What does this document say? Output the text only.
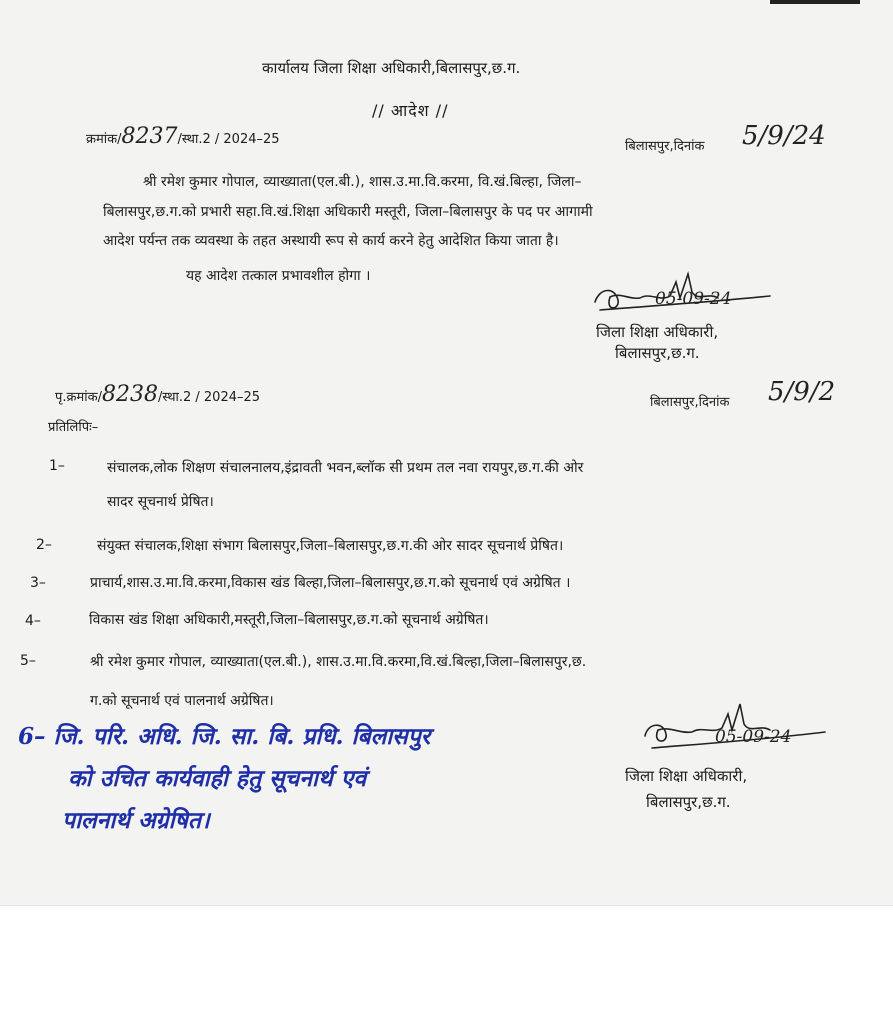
कार्यालय जिला शिक्षा अधिकारी,बिलासपुर,छ.ग.
// आदेश //
क्रमांक/8237/स्था.2 / 2024–25	बिलासपुर,दिनांक 5/9/24
श्री रमेश कुमार गोपाल, व्याख्याता(एल.बी.), शास.उ.मा.वि.करमा, वि.खं.बिल्हा, जिला–
बिलासपुर,छ.ग.को प्रभारी सहा.वि.खं.शिक्षा अधिकारी मस्तूरी, जिला–बिलासपुर के पद पर आगामी
आदेश पर्यन्त तक व्यवस्था के तहत अस्थायी रूप से कार्य करने हेतु आदेशित किया जाता है।
यह आदेश तत्काल प्रभावशील होगा ।
05-09-24
जिला शिक्षा अधिकारी,
बिलासपुर,छ.ग.
पृ.क्रमांक/8238/स्था.2 / 2024–25	बिलासपुर,दिनांक 5/9/2
प्रतिलिपिः–
1–	संचालक,लोक शिक्षण संचालनालय,इंद्रावती भवन,ब्लॉक सी प्रथम तल नवा रायपुर,छ.ग.की ओर
सादर सूचनार्थ प्रेषित।
2–	संयुक्त संचालक,शिक्षा संभाग बिलासपुर,जिला–बिलासपुर,छ.ग.की ओर सादर सूचनार्थ प्रेषित।
3–	प्राचार्य,शास.उ.मा.वि.करमा,विकास खंड बिल्हा,जिला–बिलासपुर,छ.ग.को सूचनार्थ एवं अग्रेषित ।
4–	विकास खंड शिक्षा अधिकारी,मस्तूरी,जिला–बिलासपुर,छ.ग.को सूचनार्थ अग्रेषित।
5–	श्री रमेश कुमार गोपाल, व्याख्याता(एल.बी.), शास.उ.मा.वि.करमा,वि.खं.बिल्हा,जिला–बिलासपुर,छ.
ग.को सूचनार्थ एवं पालनार्थ अग्रेषित।
6– जि. परि. अधि. जि. सा. बि. प्रधि. बिलासपुर
को उचित कार्यवाही हेतु सूचनार्थ एवं
पालनार्थ अग्रेषित।
05-09-24
जिला शिक्षा अधिकारी,
बिलासपुर,छ.ग.
